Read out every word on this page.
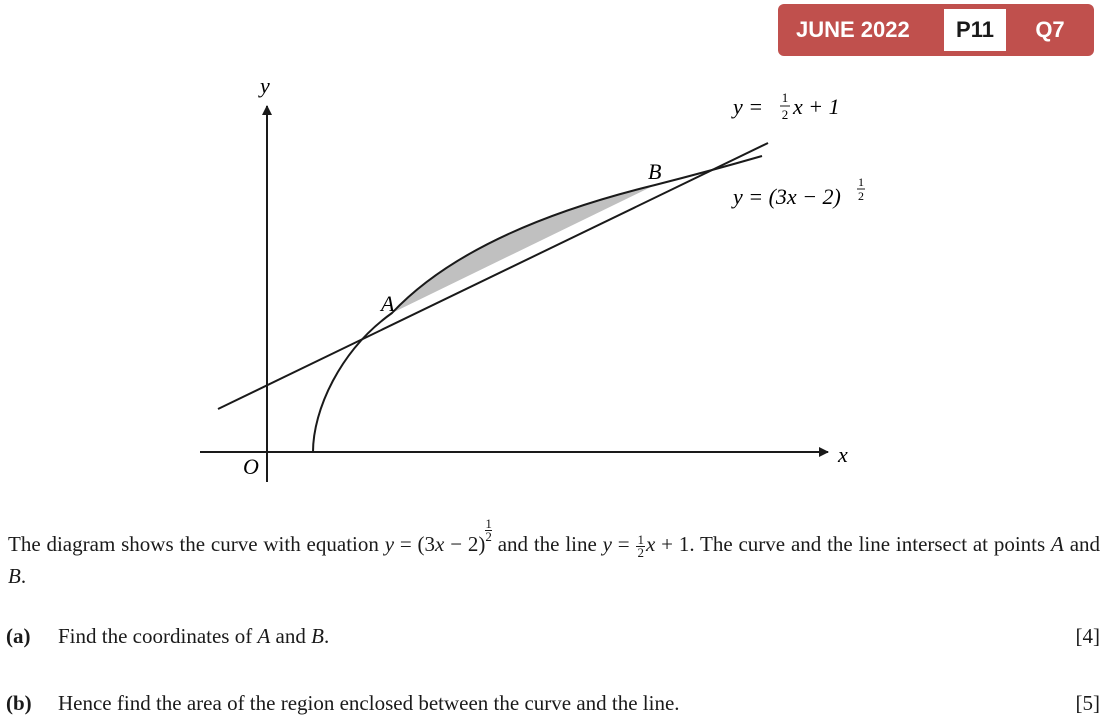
JUNE 2022	P11	Q7
y
x
O
A
B
y = 1
2 x + 1
y = (3x − 2)
1
2
The diagram shows the curve with equation y = (3x − 2)
$\frac{1}{2}$
and the line $y = \frac{1}{2}$ x + 1. The curve and the line intersect at points A and B.
(a)	Find the coordinates of A and B.	[4]
(b)	Hence find the area of the region enclosed between the curve and the line.	[5]
